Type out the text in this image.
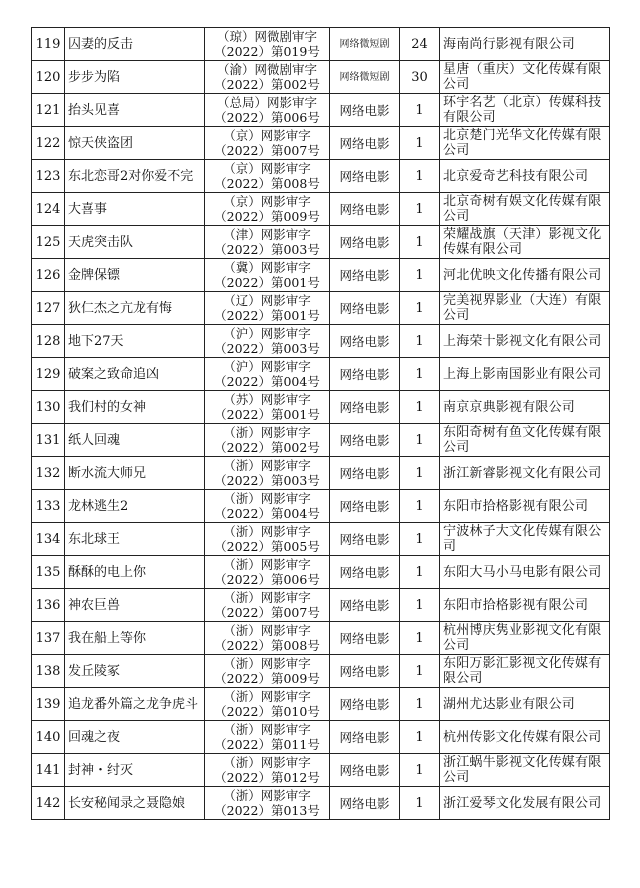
119	囚妻的反击	（琼）网微剧审字
（2022）第019号	网络微短剧	24	海南尚行影视有限公司
120	步步为陷	（渝）网微剧审字
（2022）第002号	网络微短剧	30	星唐（重庆）文化传媒有限公司
121	抬头见喜	（总局）网影审字
（2022）第006号	网络电影	1	环宇名艺（北京）传媒科技有限公司
122	惊天侠盗团	（京）网影审字
（2022）第007号	网络电影	1	北京楚门光华文化传媒有限公司
123	东北恋哥2对你爱不完	（京）网影审字
（2022）第008号	网络电影	1	北京爱奇艺科技有限公司
124	大喜事	（京）网影审字
（2022）第009号	网络电影	1	北京奇树有娱文化传媒有限公司
125	天虎突击队	（津）网影审字
（2022）第003号	网络电影	1	荣耀战旗（天津）影视文化传媒有限公司
126	金牌保镖	（冀）网影审字
（2022）第001号	网络电影	1	河北优映文化传播有限公司
127	狄仁杰之亢龙有悔	（辽）网影审字
（2022）第001号	网络电影	1	完美视界影业（大连）有限公司
128	地下27天	（沪）网影审字
（2022）第003号	网络电影	1	上海荣十影视文化有限公司
129	破案之致命追凶	（沪）网影审字
（2022）第004号	网络电影	1	上海上影南国影业有限公司
130	我们村的女神	（苏）网影审字
（2022）第001号	网络电影	1	南京京典影视有限公司
131	纸人回魂	（浙）网影审字
（2022）第002号	网络电影	1	东阳奇树有鱼文化传媒有限公司
132	断水流大师兄	（浙）网影审字
（2022）第003号	网络电影	1	浙江新睿影视文化有限公司
133	龙林逃生2	（浙）网影审字
（2022）第004号	网络电影	1	东阳市拾格影视有限公司
134	东北球王	（浙）网影审字
（2022）第005号	网络电影	1	宁波林子大文化传媒有限公司
135	酥酥的电上你	（浙）网影审字
（2022）第006号	网络电影	1	东阳大马小马电影有限公司
136	神农巨兽	（浙）网影审字
（2022）第007号	网络电影	1	东阳市拾格影视有限公司
137	我在船上等你	（浙）网影审字
（2022）第008号	网络电影	1	杭州博庆隽业影视文化有限公司
138	发丘陵冢	（浙）网影审字
（2022）第009号	网络电影	1	东阳万影汇影视文化传媒有限公司
139	追龙番外篇之龙争虎斗	（浙）网影审字
（2022）第010号	网络电影	1	湖州尤达影业有限公司
140	回魂之夜	（浙）网影审字
（2022）第011号	网络电影	1	杭州传影文化传媒有限公司
141	封神・纣灭	（浙）网影审字
（2022）第012号	网络电影	1	浙江蜗牛影视文化传媒有限公司
142	长安秘闻录之聂隐娘	（浙）网影审字
（2022）第013号	网络电影	1	浙江爱琴文化发展有限公司
